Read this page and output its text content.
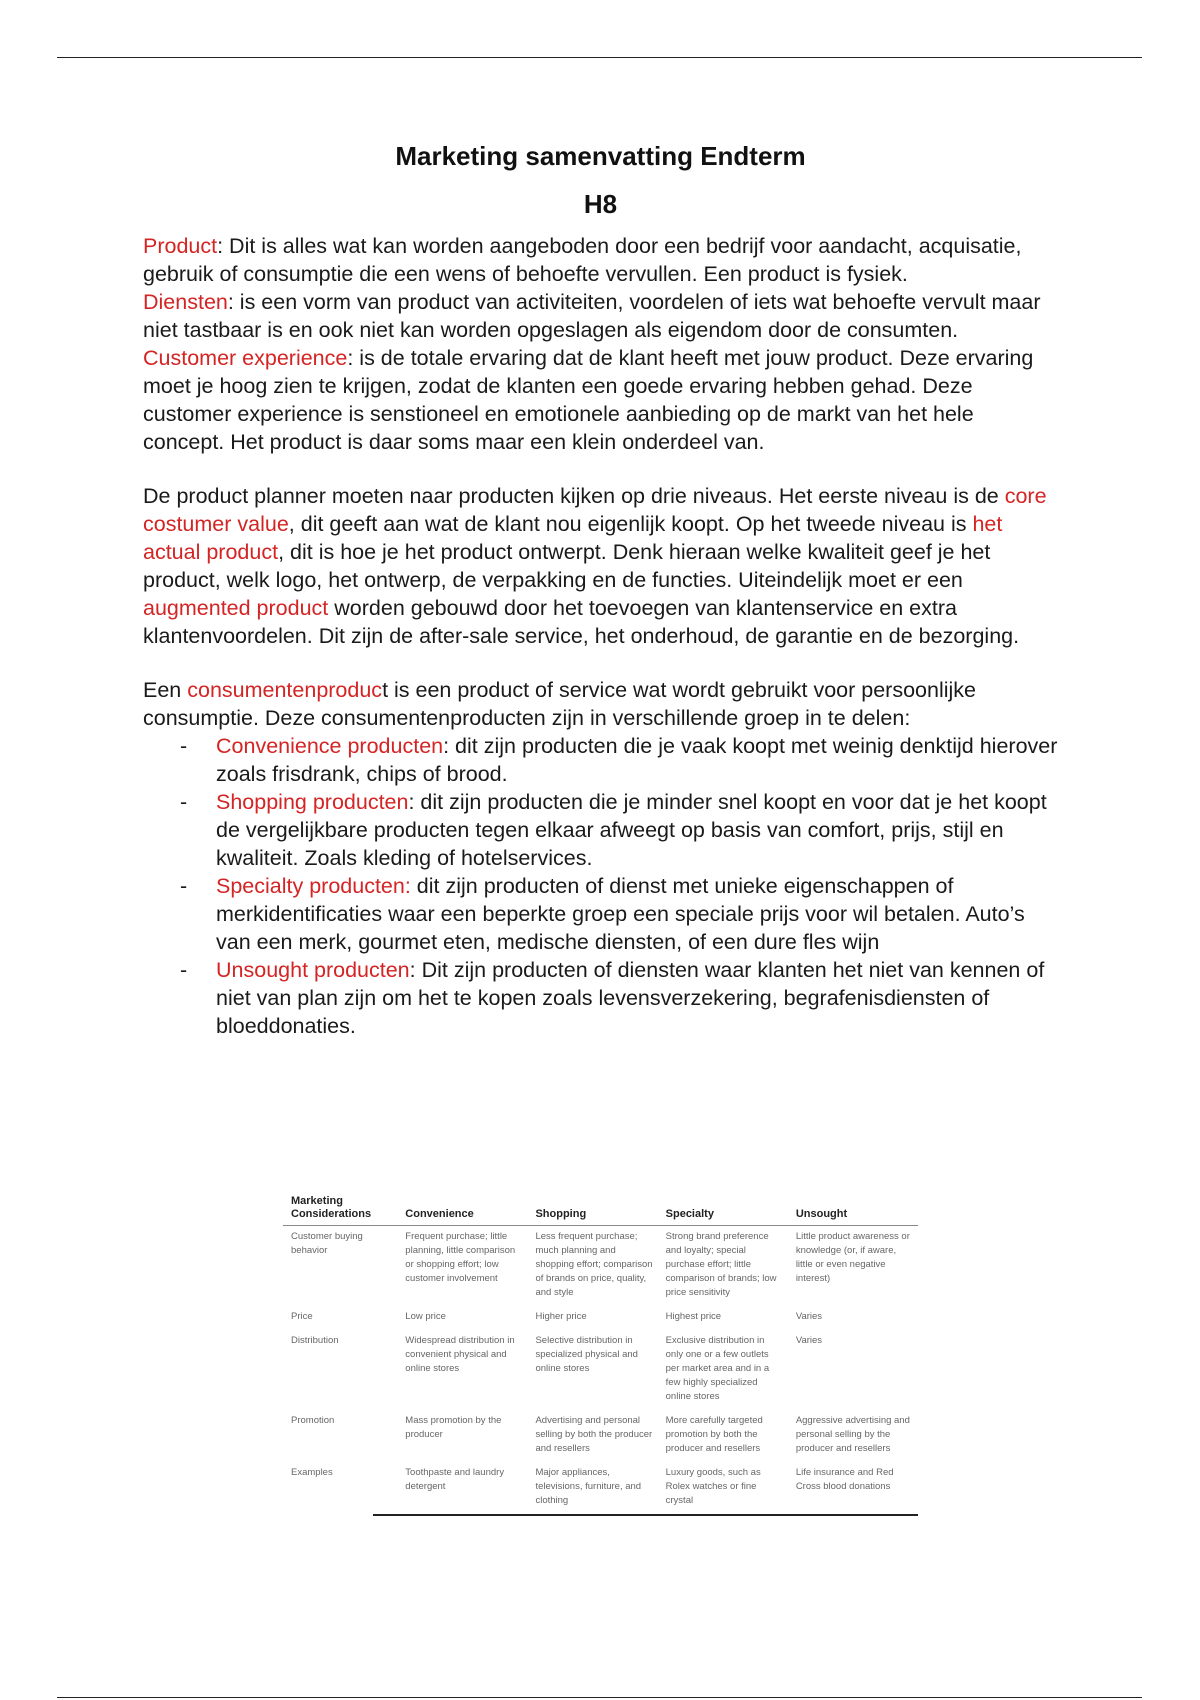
Marketing samenvatting Endterm
H8

Product: Dit is alles wat kan worden aangeboden door een bedrijf voor aandacht, acquisatie, gebruik of consumptie die een wens of behoefte vervullen. Een product is fysiek.

Diensten: is een vorm van product van activiteiten, voordelen of iets wat behoefte vervult maar niet tastbaar is en ook niet kan worden opgeslagen als eigendom door de consumten.

Customer experience: is de totale ervaring dat de klant heeft met jouw product. Deze ervaring moet je hoog zien te krijgen, zodat de klanten een goede ervaring hebben gehad. Deze customer experience is senstioneel en emotionele aanbieding op de markt van het hele concept. Het product is daar soms maar een klein onderdeel van.

De product planner moeten naar producten kijken op drie niveaus. Het eerste niveau is de core costumer value, dit geeft aan wat de klant nou eigenlijk koopt. Op het tweede niveau is het actual product, dit is hoe je het product ontwerpt. Denk hieraan welke kwaliteit geef je het product, welk logo, het ontwerp, de verpakking en de functies. Uiteindelijk moet er een augmented product worden gebouwd door het toevoegen van klantenservice en extra klantenvoordelen. Dit zijn de after-sale service, het onderhoud, de garantie en de bezorging.

Een consumentenproduct is een product of service wat wordt gebruikt voor persoonlijke consumptie. Deze consumentenproducten zijn in verschillende groep in te delen:

- Convenience producten: dit zijn producten die je vaak koopt met weinig denktijd hierover zoals frisdrank, chips of brood.
- Shopping producten: dit zijn producten die je minder snel koopt en voor dat je het koopt de vergelijkbare producten tegen elkaar afweegt op basis van comfort, prijs, stijl en kwaliteit. Zoals kleding of hotelservices.
- Specialty producten: dit zijn producten of dienst met unieke eigenschappen of merkidentificaties waar een beperkte groep een speciale prijs voor wil betalen. Auto’s van een merk, gourmet eten, medische diensten, of een dure fles wijn
- Unsought producten: Dit zijn producten of diensten waar klanten het niet van kennen of niet van plan zijn om het te kopen zoals levensverzekering, begrafenisdiensten of bloeddonaties.
Marketing Considerations	Convenience	Shopping	Specialty	Unsought
Customer buying behavior	Frequent purchase; little planning, little comparison or shopping effort; low customer involvement	Less frequent purchase; much planning and shopping effort; comparison of brands on price, quality, and style	Strong brand preference and loyalty; special purchase effort; little comparison of brands; low price sensitivity	Little product awareness or knowledge (or, if aware, little or even negative interest)
Price	Low price	Higher price	Highest price	Varies
Distribution	Widespread distribution in convenient physical and online stores	Selective distribution in specialized physical and online stores	Exclusive distribution in only one or a few outlets per market area and in a few highly specialized online stores	Varies
Promotion	Mass promotion by the producer	Advertising and personal selling by both the producer and resellers	More carefully targeted promotion by both the producer and resellers	Aggressive advertising and personal selling by the producer and resellers
Examples	Toothpaste and laundry detergent	Major appliances, televisions, furniture, and clothing	Luxury goods, such as Rolex watches or fine crystal	Life insurance and Red Cross blood donations
